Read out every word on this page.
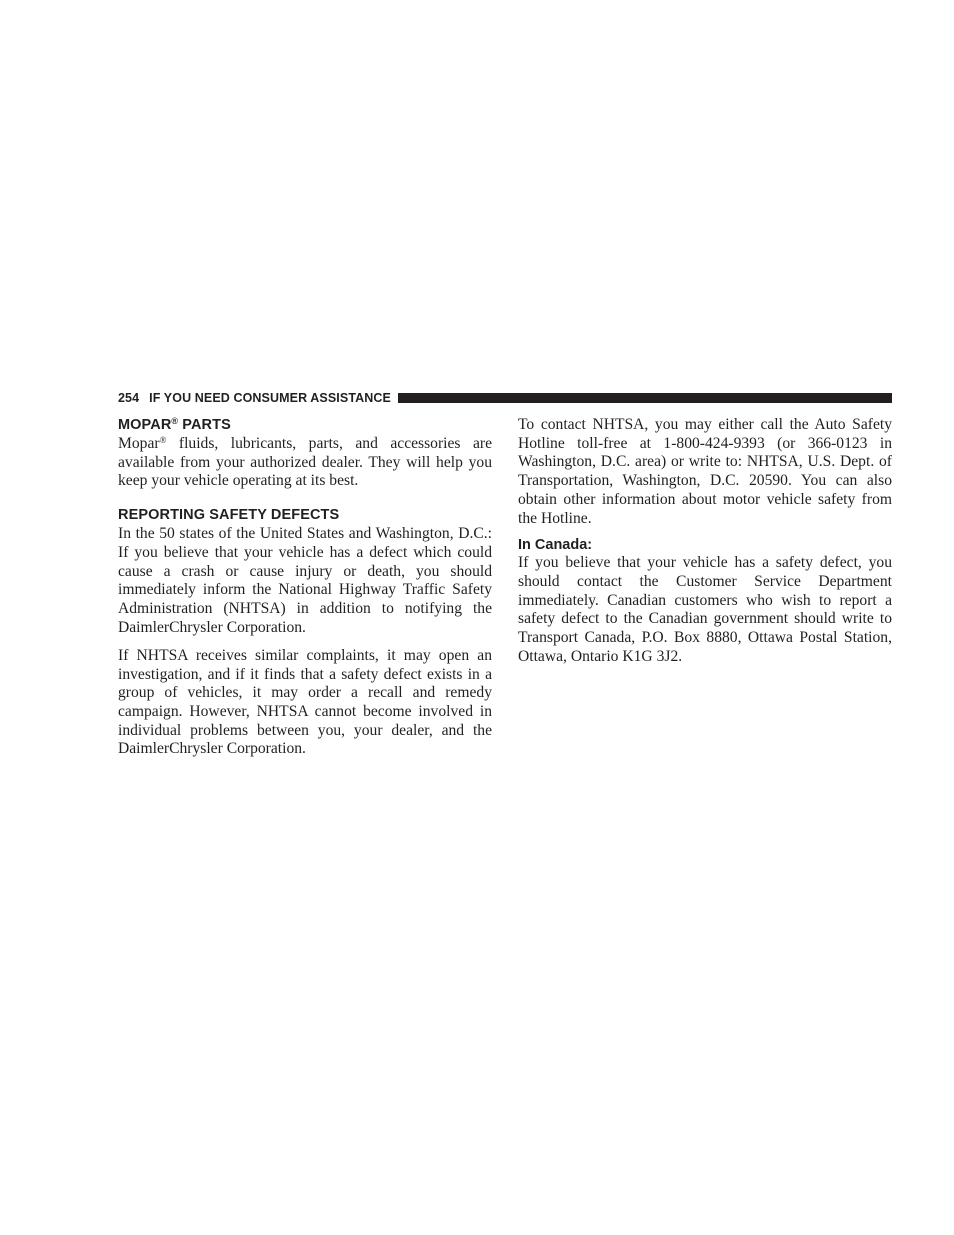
254 IF YOU NEED CONSUMER ASSISTANCE
MOPAR® PARTS

Mopar® fluids, lubricants, parts, and accessories are available from your authorized dealer. They will help you keep your vehicle operating at its best.

REPORTING SAFETY DEFECTS

In the 50 states of the United States and Washington, D.C.: If you believe that your vehicle has a defect which could cause a crash or cause injury or death, you should immediately inform the National Highway Traffic Safety Administration (NHTSA) in addition to notifying the DaimlerChrysler Corporation.

If NHTSA receives similar complaints, it may open an investigation, and if it finds that a safety defect exists in a group of vehicles, it may order a recall and remedy campaign. However, NHTSA cannot become involved in individual problems between you, your dealer, and the DaimlerChrysler Corporation.

To contact NHTSA, you may either call the Auto Safety Hotline toll-free at 1-800-424-9393 (or 366-0123 in Washington, D.C. area) or write to: NHTSA, U.S. Dept. of Transportation, Washington, D.C. 20590. You can also obtain other information about motor vehicle safety from the Hotline.

In Canada:

If you believe that your vehicle has a safety defect, you should contact the Customer Service Department immediately. Canadian customers who wish to report a safety defect to the Canadian government should write to Transport Canada, P.O. Box 8880, Ottawa Postal Station, Ottawa, Ontario K1G 3J2.
